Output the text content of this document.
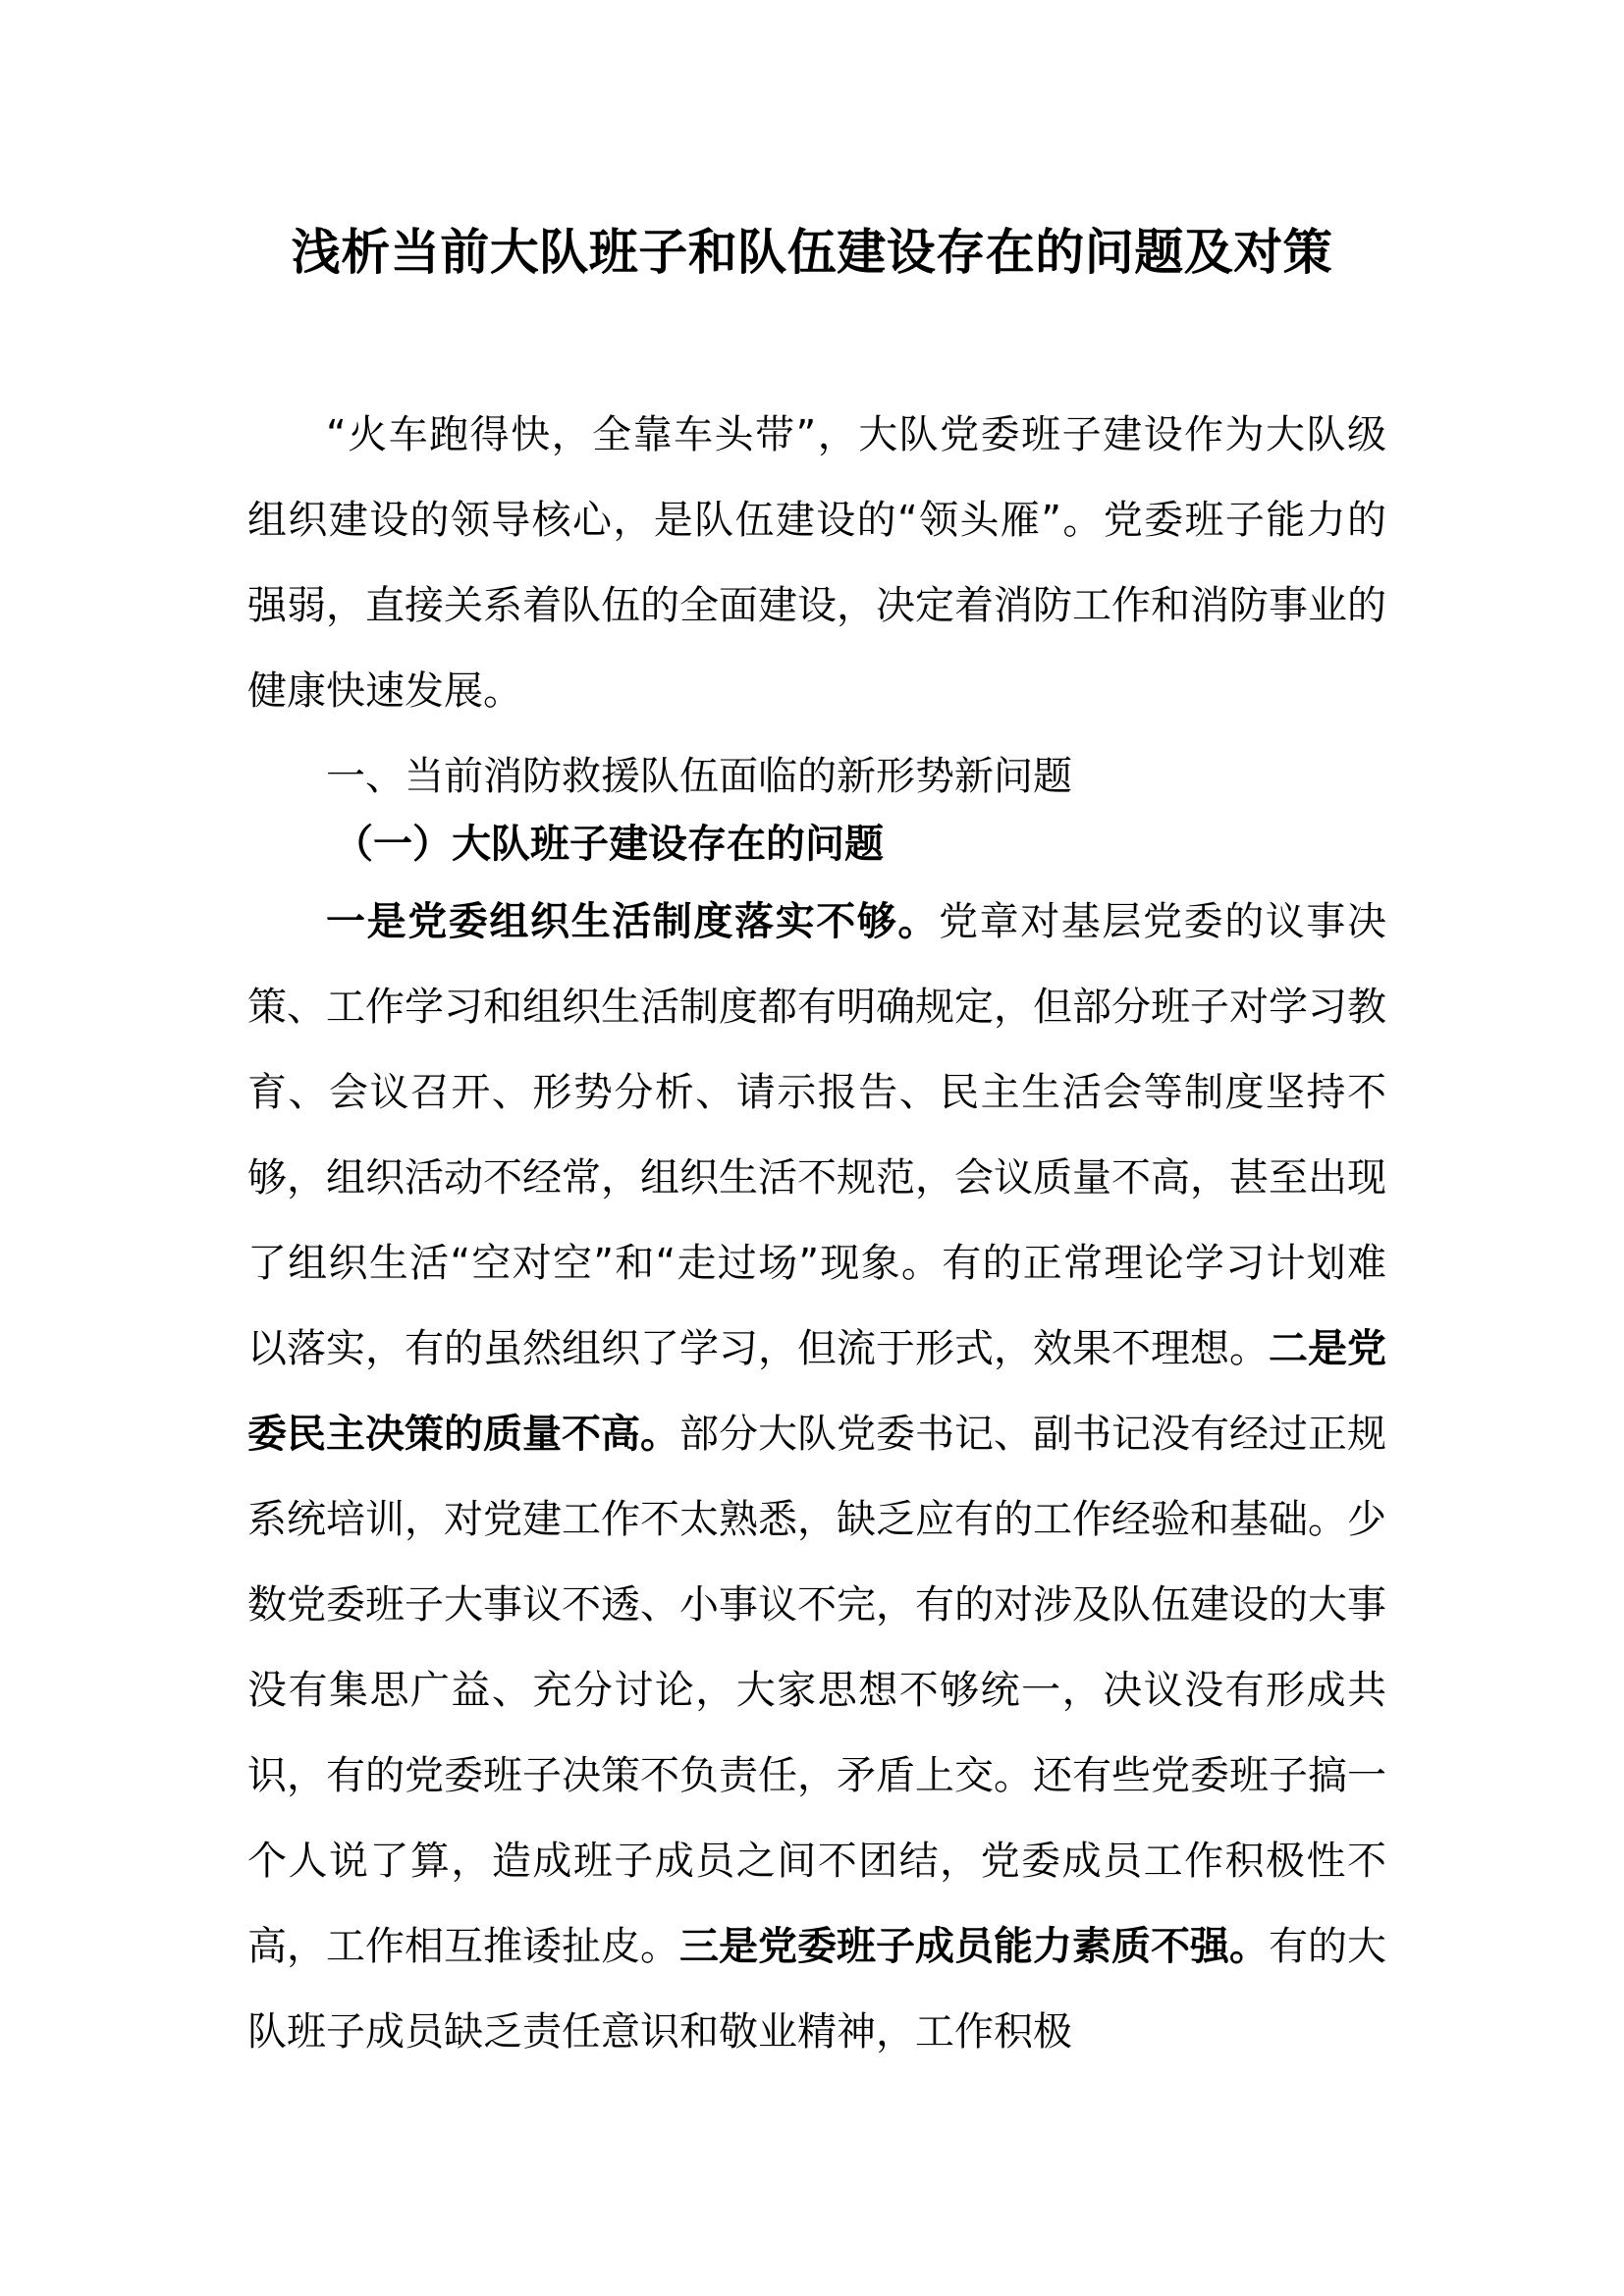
浅析当前大队班子和队伍建设存在的问题及对策

“火车跑得快，全靠车头带”，大队党委班子建设作为大队级组织建设的领导核心，是队伍建设的“领头雁”。党委班子能力的强弱，直接关系着队伍的全面建设，决定着消防工作和消防事业的健康快速发展。

一、当前消防救援队伍面临的新形势新问题

（一）大队班子建设存在的问题

一是党委组织生活制度落实不够。党章对基层党委的议事决策、工作学习和组织生活制度都有明确规定，但部分班子对学习教育、会议召开、形势分析、请示报告、民主生活会等制度坚持不够，组织活动不经常，组织生活不规范，会议质量不高，甚至出现了组织生活“空对空”和“走过场”现象。有的正常理论学习计划难以落实，有的虽然组织了学习，但流于形式，效果不理想。二是党委民主决策的质量不高。部分大队党委书记、副书记没有经过正规系统培训，对党建工作不太熟悉，缺乏应有的工作经验和基础。少数党委班子大事议不透、小事议不完，有的对涉及队伍建设的大事没有集思广益、充分讨论，大家思想不够统一，决议没有形成共识，有的党委班子决策不负责任，矛盾上交。还有些党委班子搞一个人说了算，造成班子成员之间不团结，党委成员工作积极性不高，工作相互推诿扯皮。三是党委班子成员能力素质不强。有的大队班子成员缺乏责任意识和敬业精神，工作积极
